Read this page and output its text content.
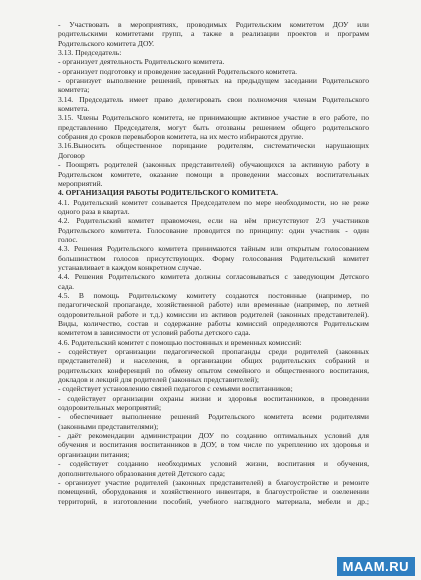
- Участвовать в мероприятиях, проводимых Родительским комитетом ДОУ или
родительскими комитетами групп, а также в реализации проектов и программ
Родительского комитета ДОУ.
3.13. Председатель:
- организует деятельность Родительского комитета.
- организует подготовку и проведение заседаний Родительского комитета.
- организует выполнение решений, принятых на предыдущем заседании Родительского
комитета;
3.14. Председатель имеет право делегировать свои полномочия членам Родительского
комитета.
3.15. Члены Родительского комитета, не принимающие активное участие в его работе, по
представлению Председателя, могут быть отозваны решением общего родительского
собрания до сроков перевыборов комитета, на их место избираются другие.
3.16.Выносить общественное порицание родителям, систематически нарушающих
Договор
- Поощрять родителей (законных представителей) обучающихся за активную работу в
Родительском комитете, оказание помощи в проведении массовых воспитательных
мероприятий.
4. ОРГАНИЗАЦИЯ РАБОТЫ РОДИТЕЛЬСКОГО КОМИТЕТА.
4.1. Родительский комитет созывается Председателем по мере необходимости, но не реже
одного раза в квартал.
4.2. Родительский комитет правомочен, если на нём присутствуют 2/3 участников
Родительского комитета. Голосование проводится по принципу: один участник - один
голос.
4.3. Решения Родительского комитета принимаются тайным или открытым голосованием
большинством голосов присутствующих. Форму голосования Родительский комитет
устанавливает в каждом конкретном случае.
4.4. Решения Родительского комитета должны согласовываться с заведующим Детского
сада.
4.5. В помощь Родительскому комитету создаются постоянные (например, по
педагогической пропаганде, хозяйственной работе) или временные (например, по летней
оздоровительной работе и т.д.) комиссии из активов родителей (законных представителей).
Виды, количество, состав и содержание работы комиссий определяются Родительским
комитетом в зависимости от условий работы детского сада.
4.6. Родительский комитет с помощью постоянных и временных комиссий:
- содействует организации педагогической пропаганды среди родителей (законных
представителей) и населения, в организации общих родительских собраний и
родительских конференций по обмену опытом семейного и общественного воспитания,
докладов и лекций для родителей (законных представителей);
- содействует установлению связей педагогов с семьями воспитанников;
- содействует организации охраны жизни и здоровья воспитанников, в проведении
оздоровительных мероприятий;
- обеспечивает выполнение решений Родительского комитета всеми родителями
(законными представителями);
- даёт рекомендации администрации ДОУ по созданию оптимальных условий для
обучения и воспитания воспитанников в ДОУ, в том числе по укреплению их здоровья и
организации питания;
- содействует созданию необходимых условий жизни, воспитания и обучения,
дополнительного образования детей Детского сада;
- организует участие родителей (законных представителей) в благоустройстве и ремонте
помещений, оборудования и хозяйственного инвентаря, в благоустройстве и озеленении
территорий, в изготовлении пособий, учебного наглядного материала, мебели и др.;
MAAM.RU
